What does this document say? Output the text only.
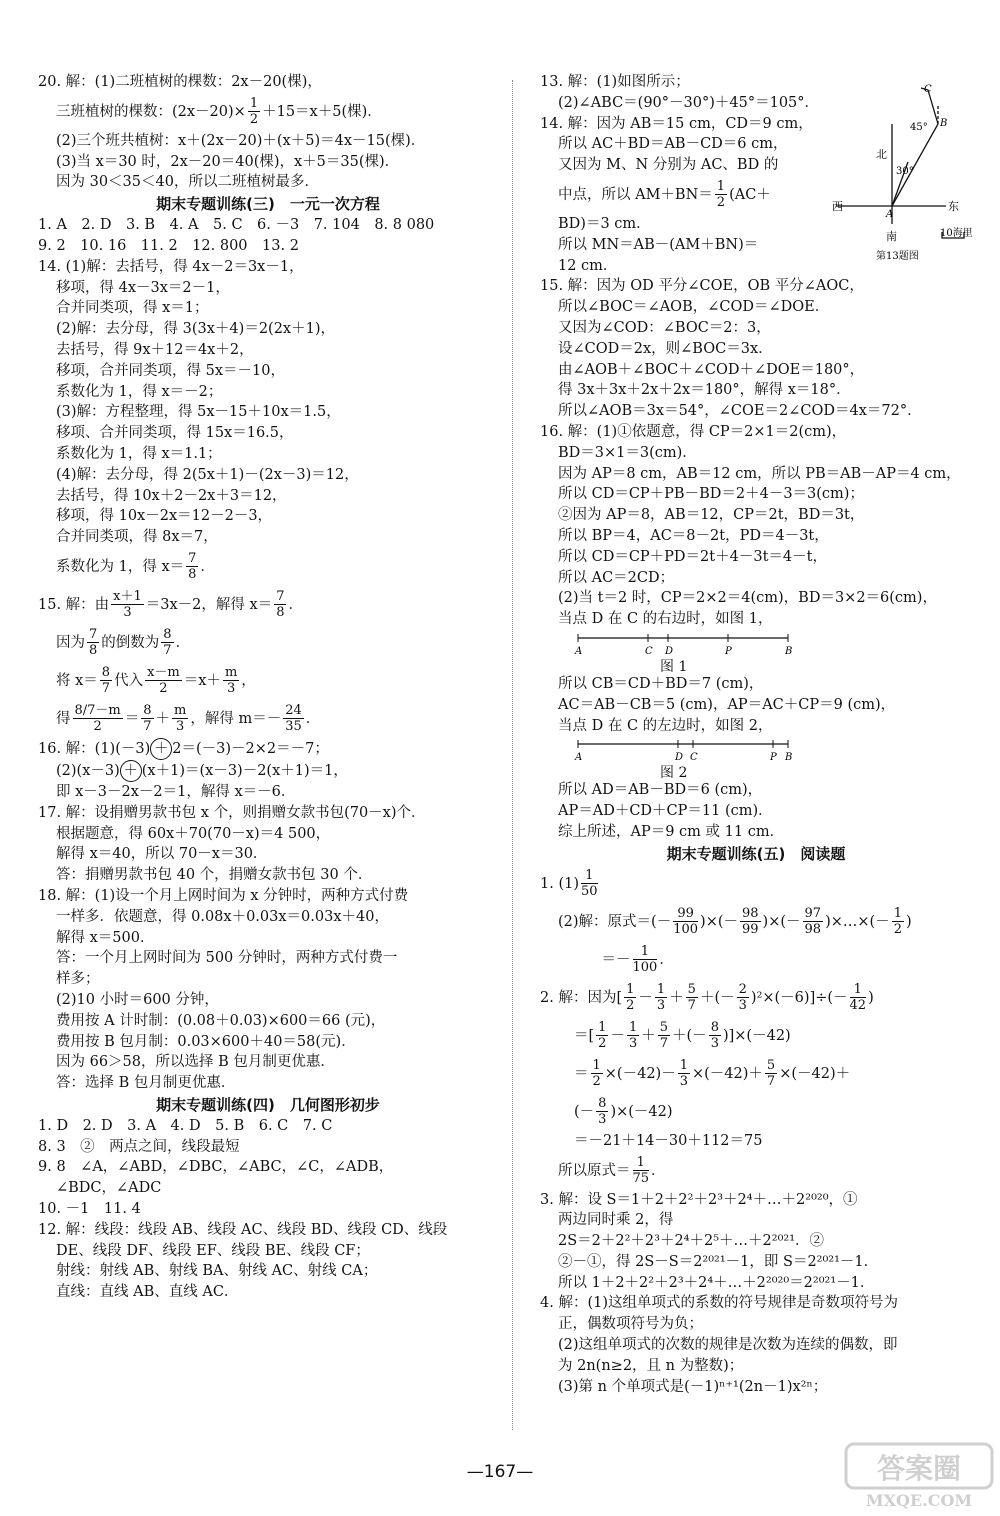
20. 解：(1)二班植树的棵数：2x－20(棵)，
三班植树的棵数：$(2x-20)\times \frac{1}{2} +15=x+5$(棵)．
(2)三个班共植树：x＋(2x－20)＋(x＋5)＝4x－15(棵)．
(3)当 x＝30 时，2x－20＝40(棵)，x＋5＝35(棵)．
因为 30＜35＜40，所以二班植树最多．
期末专题训练(三)　一元一次方程
1. A　2. D　3. B　4. A　5. C　6. －3　7. 104　8. 8 080
9. 2　10. 16　11. 2　12. 800　13. 2
14. (1)解：去括号，得 4x－2＝3x－1，
移项，得 4x－3x＝2－1，
合并同类项，得 x＝1；
(2)解：去分母，得 3(3x＋4)＝2(2x＋1)，
去括号，得 9x＋12＝4x＋2，
移项，合并同类项，得 5x＝－10，
系数化为 1，得 x＝－2；
(3)解：方程整理，得 5x－15＋10x＝1.5，
移项、合并同类项，得 15x＝16.5，
系数化为 1，得 x＝1.1；
(4)解：去分母，得 2(5x＋1)－(2x－3)＝12，
去括号，得 10x＋2－2x＋3＝12，
移项，得 10x－2x＝12－2－3，
合并同类项，得 8x＝7，
系数化为 1，得 $x= \frac{7}{8}$ ．
15. 解：由 $\frac{x+1}{3} =3x-2$，解得 $x= \frac{7}{8}$ ．
因为 $\frac{7}{8}$ 的倒数为 $\frac{8}{7}$ ．
将 $x= \frac{8}{7}$ 代入 $\frac{x-m}{2} =x+ \frac{m}{3}$ ，
得 $\frac{8/7-m}{2} = \frac{8}{7} + \frac{m}{3}$ ，解得 $m=- \frac{24}{35}$ ．
16. 解：(1)(－3) ＋ 2＝(－3)－2×2＝－7；
(2)(x－3) ＋ (x＋1)＝(x－3)－2(x＋1)＝1，
即 x－3－2x－2＝1，解得 x＝－6．
17. 解：设捐赠男款书包 x 个，则捐赠女款书包(70－x)个．
根据题意，得 60x＋70(70－x)＝4 500，
解得 x＝40，所以 70－x＝30．
答：捐赠男款书包 40 个，捐赠女款书包 30 个．
18. 解：(1)设一个月上网时间为 x 分钟时，两种方式付费
一样多．依题意，得 0.08x＋0.03x＝0.03x＋40，
解得 x＝500．
答：一个月上网时间为 500 分钟时，两种方式付费一
样多；
(2)10 小时＝600 分钟，
费用按 A 计时制：(0.08＋0.03)×600＝66 (元)，
费用按 B 包月制：0.03×600＋40＝58(元)．
因为 66＞58，所以选择 B 包月制更优惠．
答：选择 B 包月制更优惠．
期末专题训练(四)　几何图形初步
1. D　2. D　3. A　4. D　5. B　6. C　7. C
8. 3　②　两点之间，线段最短
9. 8　∠A，∠ABD，∠DBC，∠ABC，∠C，∠ADB，
∠BDC，∠ADC
10. －1　11. 4
12. 解：线段：线段 AB、线段 AC、线段 BD、线段 CD、线段
DE、线段 DF、线段 EF、线段 BE、线段 CF；
射线：射线 AB、射线 BA、射线 AC、射线 CA；
直线：直线 AB、直线 AC．
13. 解：(1)如图所示；
(2)∠ABC＝(90°－30°)＋45°＝105°．
14. 解：因为 AB＝15 cm，CD＝9 cm，
所以 AC＋BD＝AB－CD＝6 cm，
又因为 M、N 分别为 AC、BD 的
中点，所以 $AM+BN= \frac{1}{2} (AC+$
BD)＝3 cm．
所以 MN＝AB－(AM＋BN)＝
12 cm．
15. 解：因为 OD 平分∠COE，OB 平分∠AOC，
所以∠BOC＝∠AOB，∠COD＝∠DOE．
又因为∠COD：∠BOC＝2：3，
设∠COD＝2x，则∠BOC＝3x．
由∠AOB＋∠BOC＋∠COD＋∠DOE＝180°，
得 3x＋3x＋2x＋2x＝180°，解得 x＝18°．
所以∠AOB＝3x＝54°，∠COE＝2∠COD＝4x＝72°．
16. 解：(1)①依题意，得 CP＝2×1＝2(cm)，
BD＝3×1＝3(cm)．
因为 AP＝8 cm，AB＝12 cm，所以 PB＝AB－AP＝4 cm，
所以 CD＝CP＋PB－BD＝2＋4－3＝3(cm)；
②因为 AP＝8，AB＝12，CP＝2t，BD＝3t，
所以 BP＝4，AC＝8－2t，PD＝4－3t，
所以 CD＝CP＋PD＝2t＋4－3t＝4－t，
所以 AC＝2CD；
(2)当 t＝2 时，CP＝2×2＝4(cm)，BD＝3×2＝6(cm)，
当点 D 在 C 的右边时，如图 1，
A	C D	P	B
图 1
所以 CB＝CD＋BD＝7 (cm)，
AC＝AB－CB＝5 (cm)，AP＝AC＋CP＝9 (cm)，
当点 D 在 C 的左边时，如图 2，
A	D C	P B
图 2
所以 AD＝AB－BD＝6 (cm)，
AP＝AD＋CD＋CP＝11 (cm)．
综上所述，AP＝9 cm 或 11 cm．
期末专题训练(五)　阅读题
1. $(1) \frac{1}{50}$
(2)解：原式＝(－ $\frac{99}{100}$ )×(－ $\frac{98}{99}$ )×(－ $\frac{97}{98}$ )×…×(－ $\frac{1}{2}$ )
　　　＝－ $\frac{1}{100}$ ．
2. 解：因为[ $\frac{1}{2} - \frac{1}{3} + \frac{5}{7}$ ＋(－ $\frac{2}{3} )^2\times(-6)]\div(- \frac{1}{42}$ )
＝[ $\frac{1}{2} - \frac{1}{3} + \frac{5}{7}$ ＋(－ $\frac{8}{3} )]\times(-42)$
＝ $\frac{1}{2} \times(-42)- \frac{1}{3} \times(-42)+ \frac{5}{7} \times(-42)+$
(－ $\frac{8}{3} )\times(-42)$
＝－21＋14－30＋112＝75
所以原式＝ $\frac{1}{75}$ ．
3. 解：设 S＝1＋2＋2²＋2³＋2⁴＋…＋2²⁰²⁰，①
两边同时乘 2，得
2S＝2＋2²＋2³＋2⁴＋2⁵＋…＋2²⁰²¹．②
②－①，得 2S－S＝2²⁰²¹－1，即 S＝2²⁰²¹－1．
所以 1＋2＋2²＋2³＋2⁴＋…＋2²⁰²⁰＝2²⁰²¹－1．
4. 解：(1)这组单项式的系数的符号规律是奇数项符号为
正，偶数项符号为负；
(2)这组单项式的次数的规律是次数为连续的偶数，即
为 2n(n≥2，且 n 为整数)；
(3)第 n 个单项式是(－1)ⁿ⁺¹(2n－1)x²ⁿ；
北
南
东
西
45°
30°
A
B
C
10海里
第13题图
—167—	答案圈
MXQE.COM
